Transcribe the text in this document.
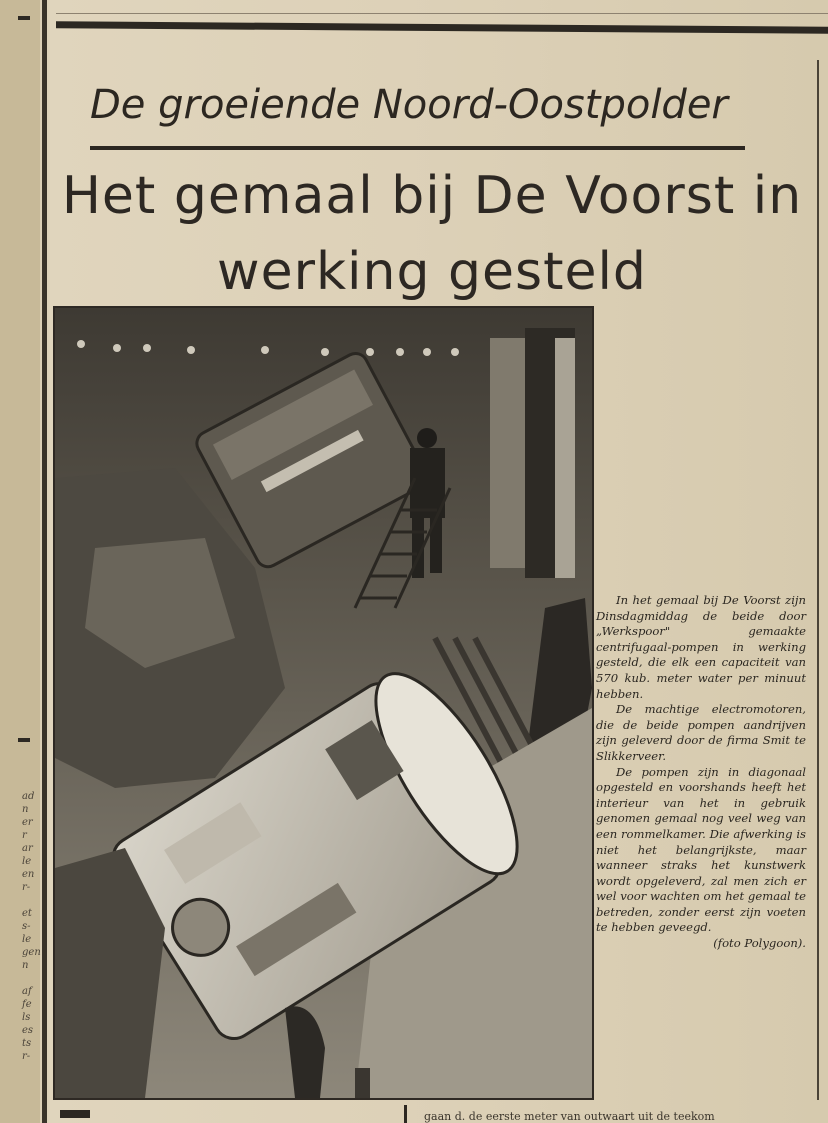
ad
n
er
r
ar
le
en
r-

et
s-
le
gen
n

af
fe
ls
es
ts
r-
De groeiende Noord-Oostpolder
Het gemaal bij De Voorst in
werking gesteld

In het gemaal bij De Voorst zijn Dinsdagmiddag de beide door „Werkspoor" gemaakte centrifugaal-pompen in werking gesteld, die elk een capaciteit van 570 kub. meter water per minuut hebben.

De machtige electromotoren, die de beide pompen aandrijven zijn geleverd door de firma Smit te Slikkerveer.

De pompen zijn in diagonaal opgesteld en voorshands heeft het interieur van het in gebruik genomen gemaal nog veel weg van een rommelkamer. Die afwerking is niet het belangrijkste, maar wanneer straks het kunstwerk wordt opgeleverd, zal men zich er wel voor wachten om het gemaal te betreden, zonder eerst zijn voeten te hebben geveegd.

(foto Polygoon).

gaan d. de eerste meter van outwaart uit de teekom
